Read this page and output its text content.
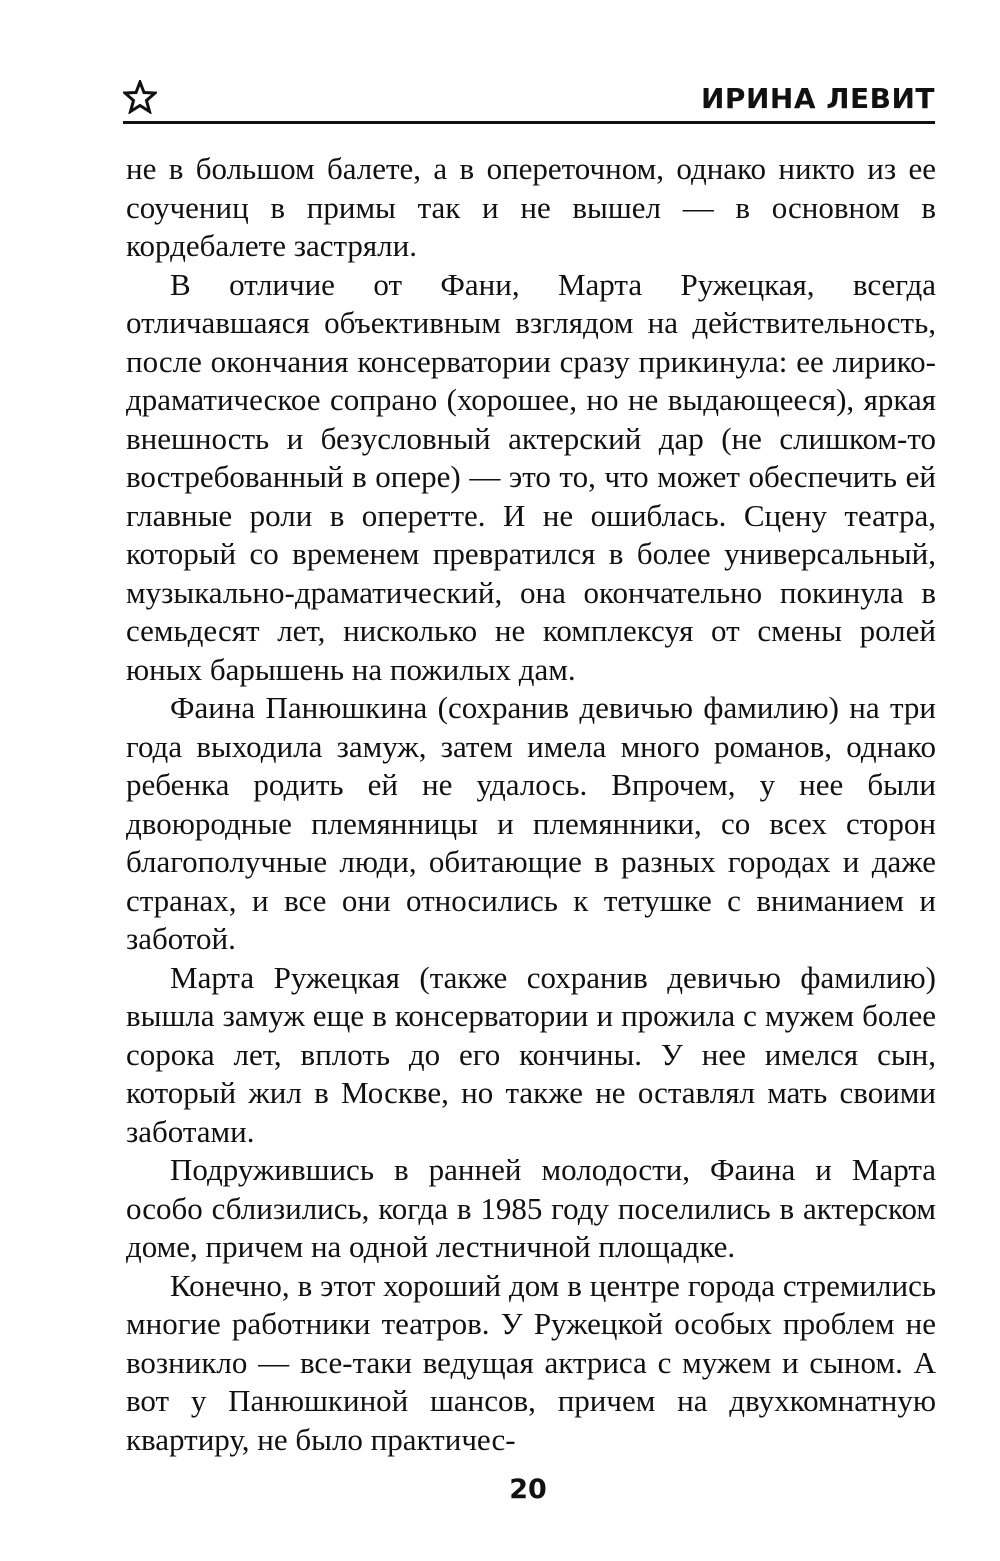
ИРИНА ЛЕВИТ

не в большом балете, а в опереточном, однако никто из ее соучениц в примы так и не вышел — в основном в кордебалете застряли.

В отличие от Фани, Марта Ружецкая, всегда отличавшаяся объективным взглядом на действительность, после окончания консерватории сразу прикинула: ее лирико-драматическое сопрано (хорошее, но не выдающееся), яркая внешность и безусловный актерский дар (не слишком-то востребованный в опере) — это то, что может обеспечить ей главные роли в оперетте. И не ошиблась. Сцену театра, который со временем превратился в более универсальный, музыкально-драматический, она окончательно покинула в семьдесят лет, нисколько не комплексуя от смены ролей юных барышень на пожилых дам.

Фаина Панюшкина (сохранив девичью фамилию) на три года выходила замуж, затем имела много романов, однако ребенка родить ей не удалось. Впрочем, у нее были двоюродные племянницы и племянники, со всех сторон благополучные люди, обитающие в разных городах и даже странах, и все они относились к тетушке с вниманием и заботой.

Марта Ружецкая (также сохранив девичью фамилию) вышла замуж еще в консерватории и прожила с мужем более сорока лет, вплоть до его кончины. У нее имелся сын, который жил в Москве, но также не оставлял мать своими заботами.

Подружившись в ранней молодости, Фаина и Марта особо сблизились, когда в 1985 году поселились в актерском доме, причем на одной лестничной площадке.

Конечно, в этот хороший дом в центре города стремились многие работники театров. У Ружецкой особых проблем не возникло — все-таки ведущая актриса с мужем и сыном. А вот у Панюшкиной шансов, причем на двухкомнатную квартиру, не было практичес-

20
